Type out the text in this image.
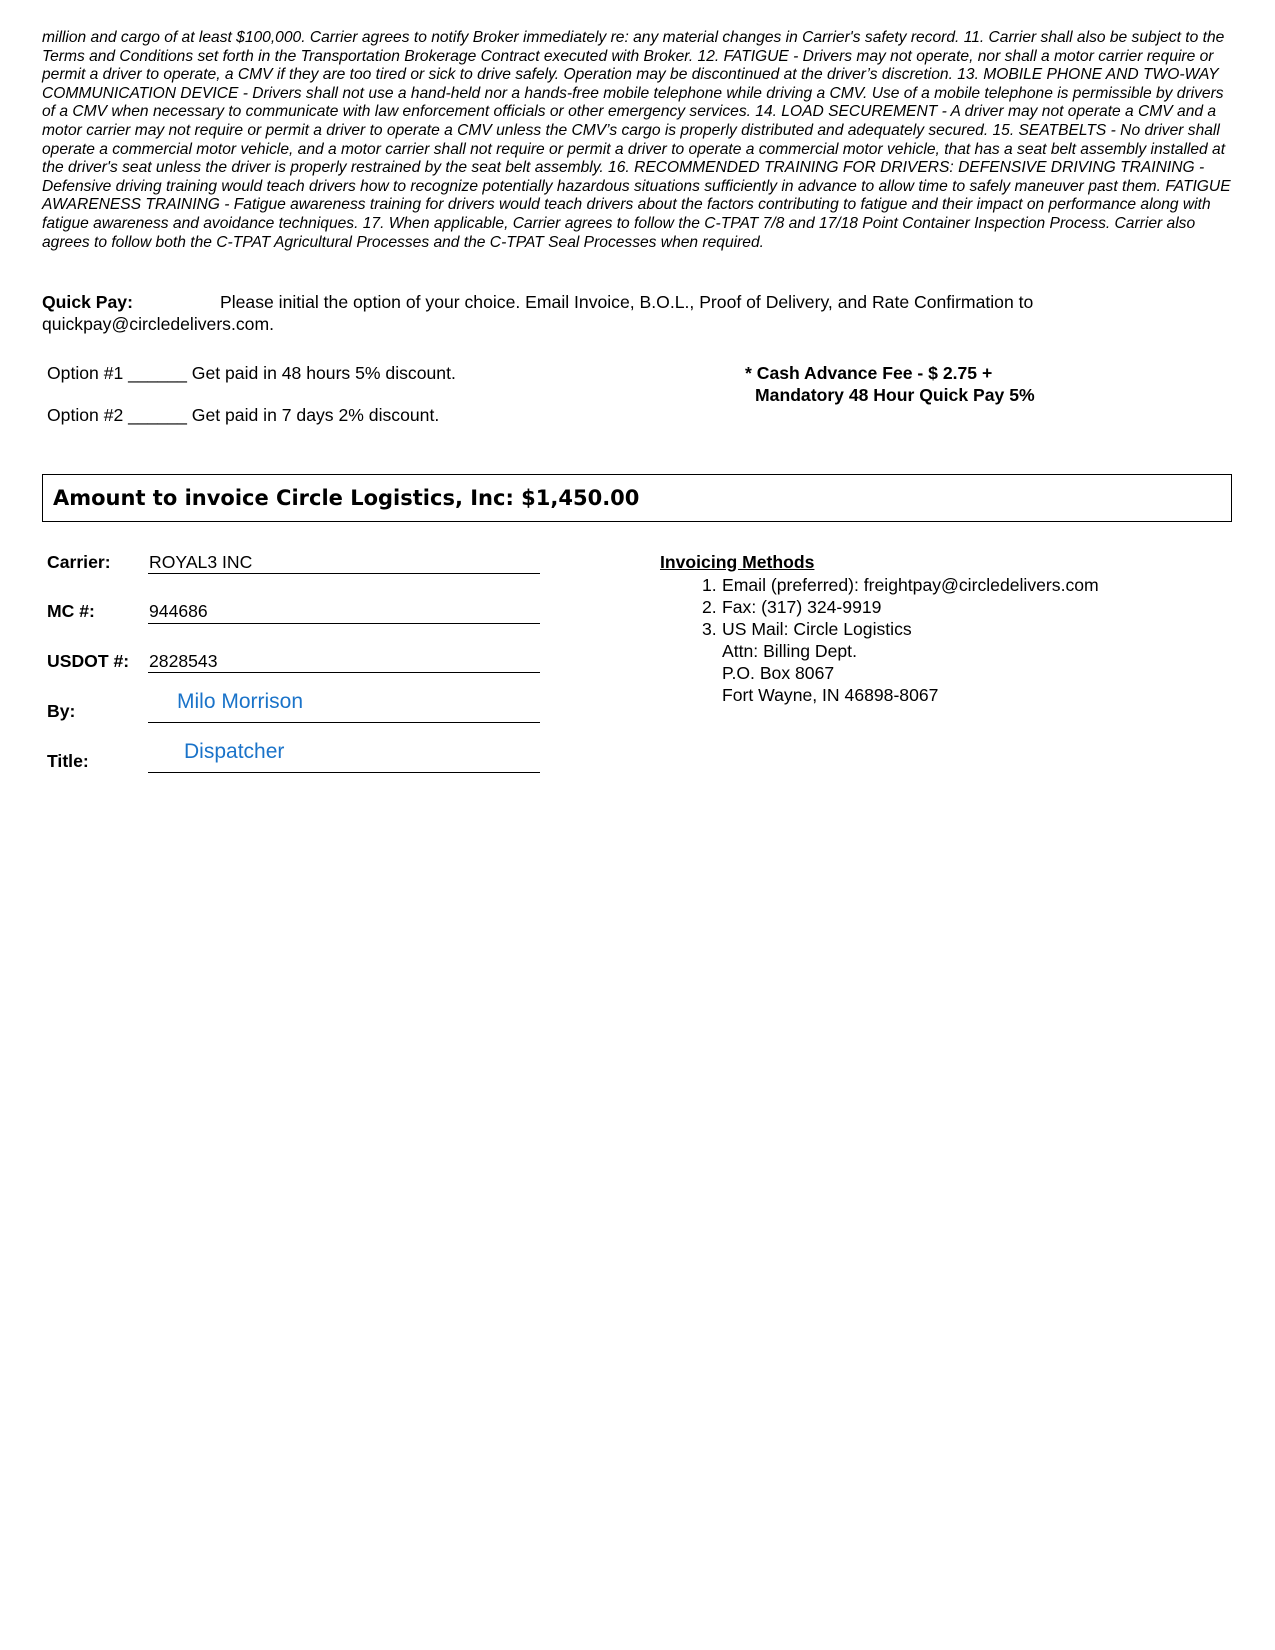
million and cargo of at least $100,000. Carrier agrees to notify Broker immediately re: any material changes in Carrier's safety record. 11. Carrier shall also be subject to the Terms and Conditions set forth in the Transportation Brokerage Contract executed with Broker. 12. FATIGUE - Drivers may not operate, nor shall a motor carrier require or permit a driver to operate, a CMV if they are too tired or sick to drive safely. Operation may be discontinued at the driver’s discretion. 13. MOBILE PHONE AND TWO-WAY COMMUNICATION DEVICE - Drivers shall not use a hand-held nor a hands-free mobile telephone while driving a CMV. Use of a mobile telephone is permissible by drivers of a CMV when necessary to communicate with law enforcement officials or other emergency services. 14. LOAD SECUREMENT - A driver may not operate a CMV and a motor carrier may not require or permit a driver to operate a CMV unless the CMV’s cargo is properly distributed and adequately secured. 15. SEATBELTS - No driver shall operate a commercial motor vehicle, and a motor carrier shall not require or permit a driver to operate a commercial motor vehicle, that has a seat belt assembly installed at the driver's seat unless the driver is properly restrained by the seat belt assembly. 16. RECOMMENDED TRAINING FOR DRIVERS: DEFENSIVE DRIVING TRAINING - Defensive driving training would teach drivers how to recognize potentially hazardous situations sufficiently in advance to allow time to safely maneuver past them. FATIGUE AWARENESS TRAINING - Fatigue awareness training for drivers would teach drivers about the factors contributing to fatigue and their impact on performance along with fatigue awareness and avoidance techniques. 17. When applicable, Carrier agrees to follow the C-TPAT 7/8 and 17/18 Point Container Inspection Process. Carrier also agrees to follow both the C-TPAT Agricultural Processes and the C-TPAT Seal Processes when required.

Quick Pay:	Please initial the option of your choice. Email Invoice, B.O.L., Proof of Delivery, and Rate Confirmation to quickpay@circledelivers.com.

Option #1 ______ Get paid in 48 hours 5% discount.
Option #2 ______ Get paid in 7 days 2% discount.
* Cash Advance Fee - $ 2.75 +
Mandatory 48 Hour Quick Pay 5%
Amount to invoice Circle Logistics, Inc: $1,450.00
Carrier: ROYAL3 INC
MC #:	944686
USDOT #: 2828543
By:	Milo Morrison
Title:	Dispatcher
Invoicing Methods
1. Email (preferred): freightpay@circledelivers.com
2. Fax: (317) 324-9919
3. US Mail: Circle Logistics
Attn: Billing Dept.
P.O. Box 8067
Fort Wayne, IN 46898-8067
